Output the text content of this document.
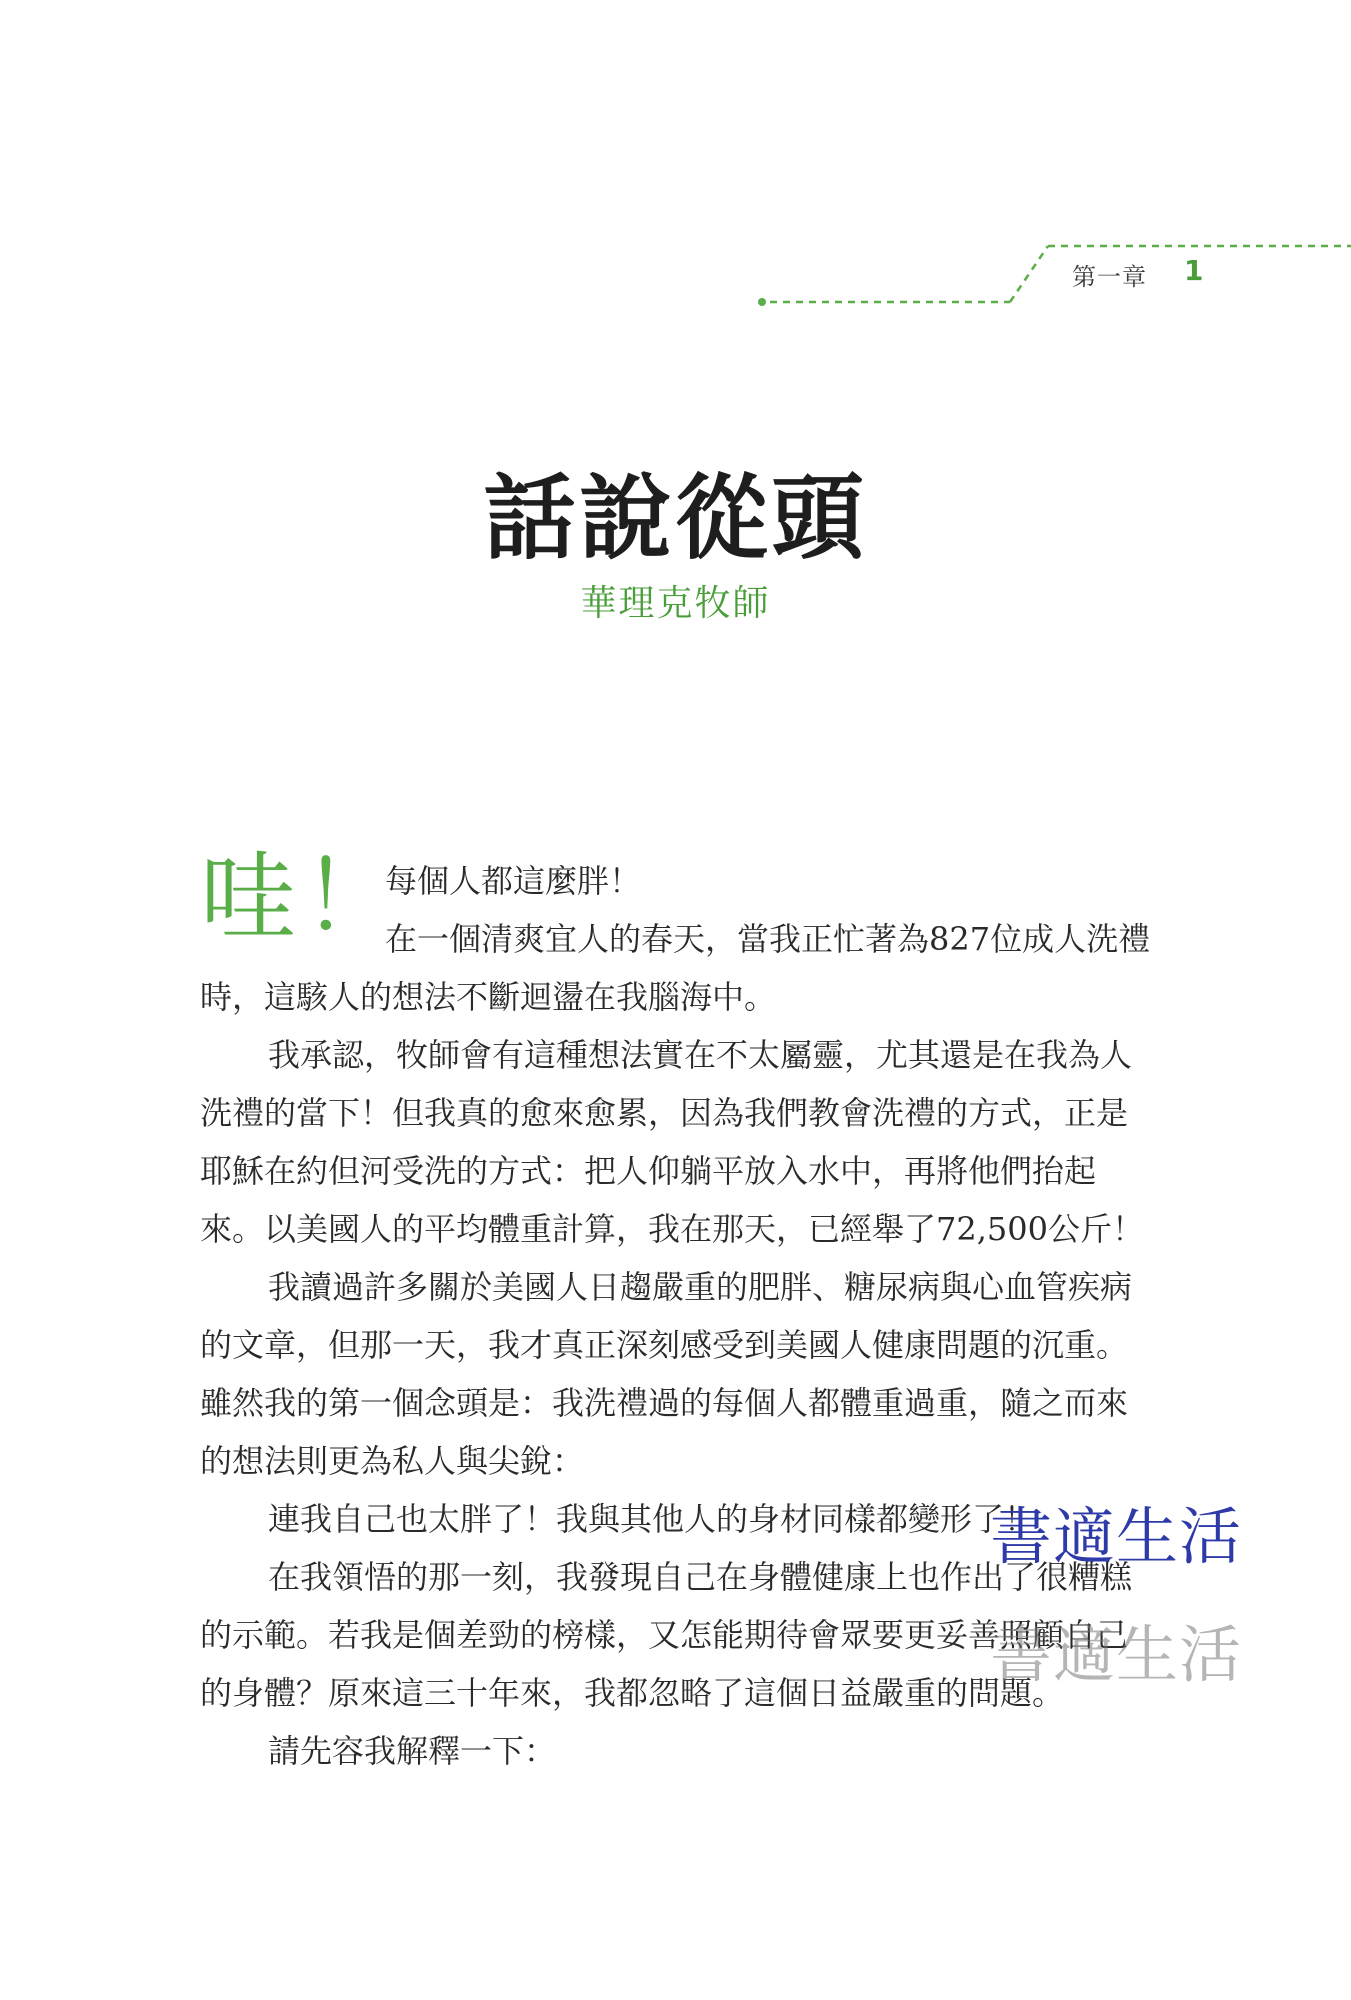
第一章 1
話說從頭
華理克牧師
哇！
每個人都這麼胖！
在一個清爽宜人的春天，當我正忙著為827位成人洗禮
時，這駭人的想法不斷迴盪在我腦海中。
我承認，牧師會有這種想法實在不太屬靈，尤其還是在我為人
洗禮的當下！但我真的愈來愈累，因為我們教會洗禮的方式，正是
耶穌在約但河受洗的方式：把人仰躺平放入水中，再將他們抬起
來。以美國人的平均體重計算，我在那天，已經舉了72,500公斤！
我讀過許多關於美國人日趨嚴重的肥胖、糖尿病與心血管疾病
的文章，但那一天，我才真正深刻感受到美國人健康問題的沉重。
雖然我的第一個念頭是：我洗禮過的每個人都體重過重，隨之而來
的想法則更為私人與尖銳：
連我自己也太胖了！我與其他人的身材同樣都變形了！
在我領悟的那一刻，我發現自己在身體健康上也作出了很糟糕
的示範。若我是個差勁的榜樣，又怎能期待會眾要更妥善照顧自己
的身體？原來這三十年來，我都忽略了這個日益嚴重的問題。
請先容我解釋一下：
書適生活
書適生活
